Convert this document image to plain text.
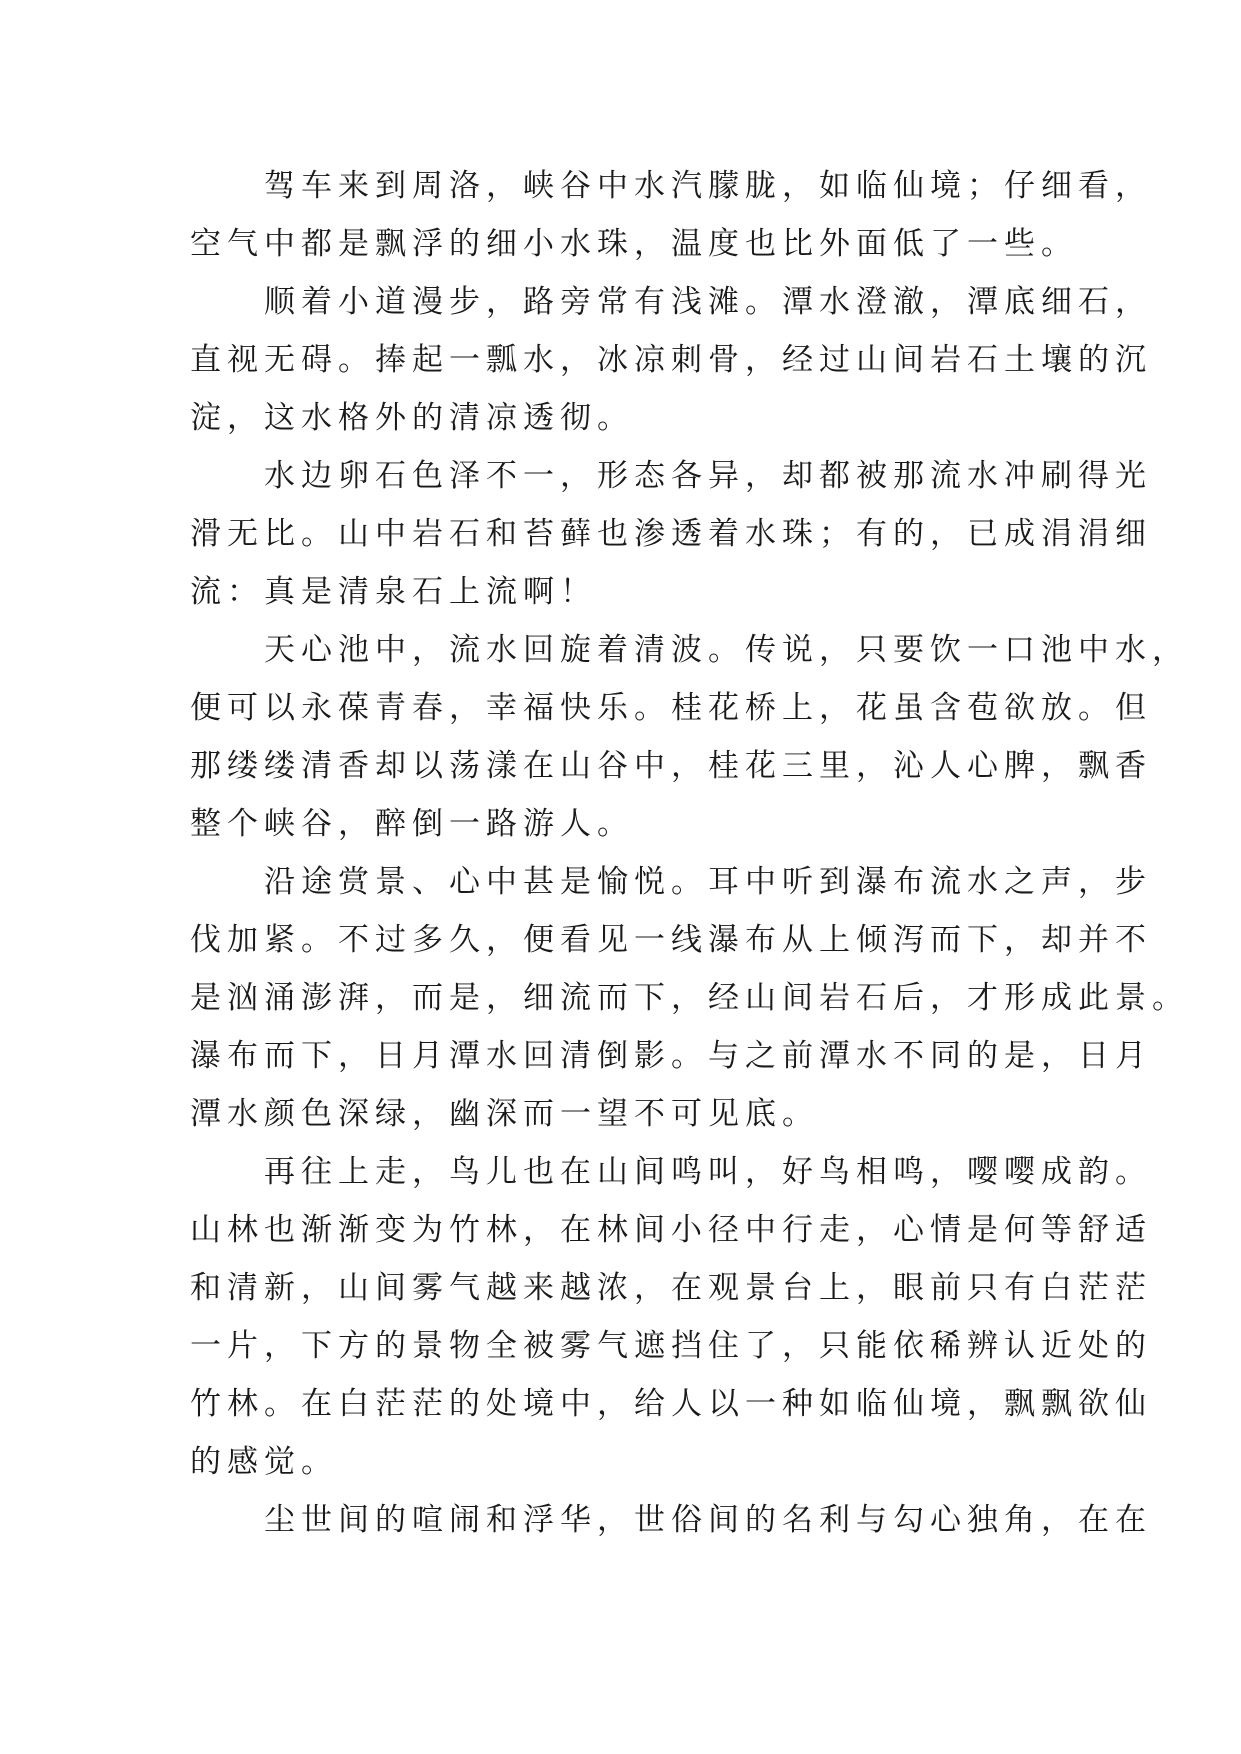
　　驾车来到周洛，峡谷中水汽朦胧，如临仙境；仔细看，
空气中都是飘浮的细小水珠，温度也比外面低了一些。

　　顺着小道漫步，路旁常有浅滩。潭水澄澈，潭底细石，
直视无碍。捧起一瓢水，冰凉刺骨，经过山间岩石土壤的沉
淀，这水格外的清凉透彻。

　　水边卵石色泽不一，形态各异，却都被那流水冲刷得光
滑无比。山中岩石和苔藓也渗透着水珠；有的，已成涓涓细
流：真是清泉石上流啊！

　　天心池中，流水回旋着清波。传说，只要饮一口池中水，
便可以永葆青春，幸福快乐。桂花桥上，花虽含苞欲放。但
那缕缕清香却以荡漾在山谷中，桂花三里，沁人心脾，飘香
整个峡谷，醉倒一路游人。

　　沿途赏景、心中甚是愉悦。耳中听到瀑布流水之声，步
伐加紧。不过多久，便看见一线瀑布从上倾泻而下，却并不
是汹涌澎湃，而是，细流而下，经山间岩石后，才形成此景。
瀑布而下，日月潭水回清倒影。与之前潭水不同的是，日月
潭水颜色深绿，幽深而一望不可见底。

　　再往上走，鸟儿也在山间鸣叫，好鸟相鸣，嘤嘤成韵。
山林也渐渐变为竹林，在林间小径中行走，心情是何等舒适
和清新，山间雾气越来越浓，在观景台上，眼前只有白茫茫
一片，下方的景物全被雾气遮挡住了，只能依稀辨认近处的
竹林。在白茫茫的处境中，给人以一种如临仙境，飘飘欲仙
的感觉。

　　尘世间的喧闹和浮华，世俗间的名利与勾心独角，在在
